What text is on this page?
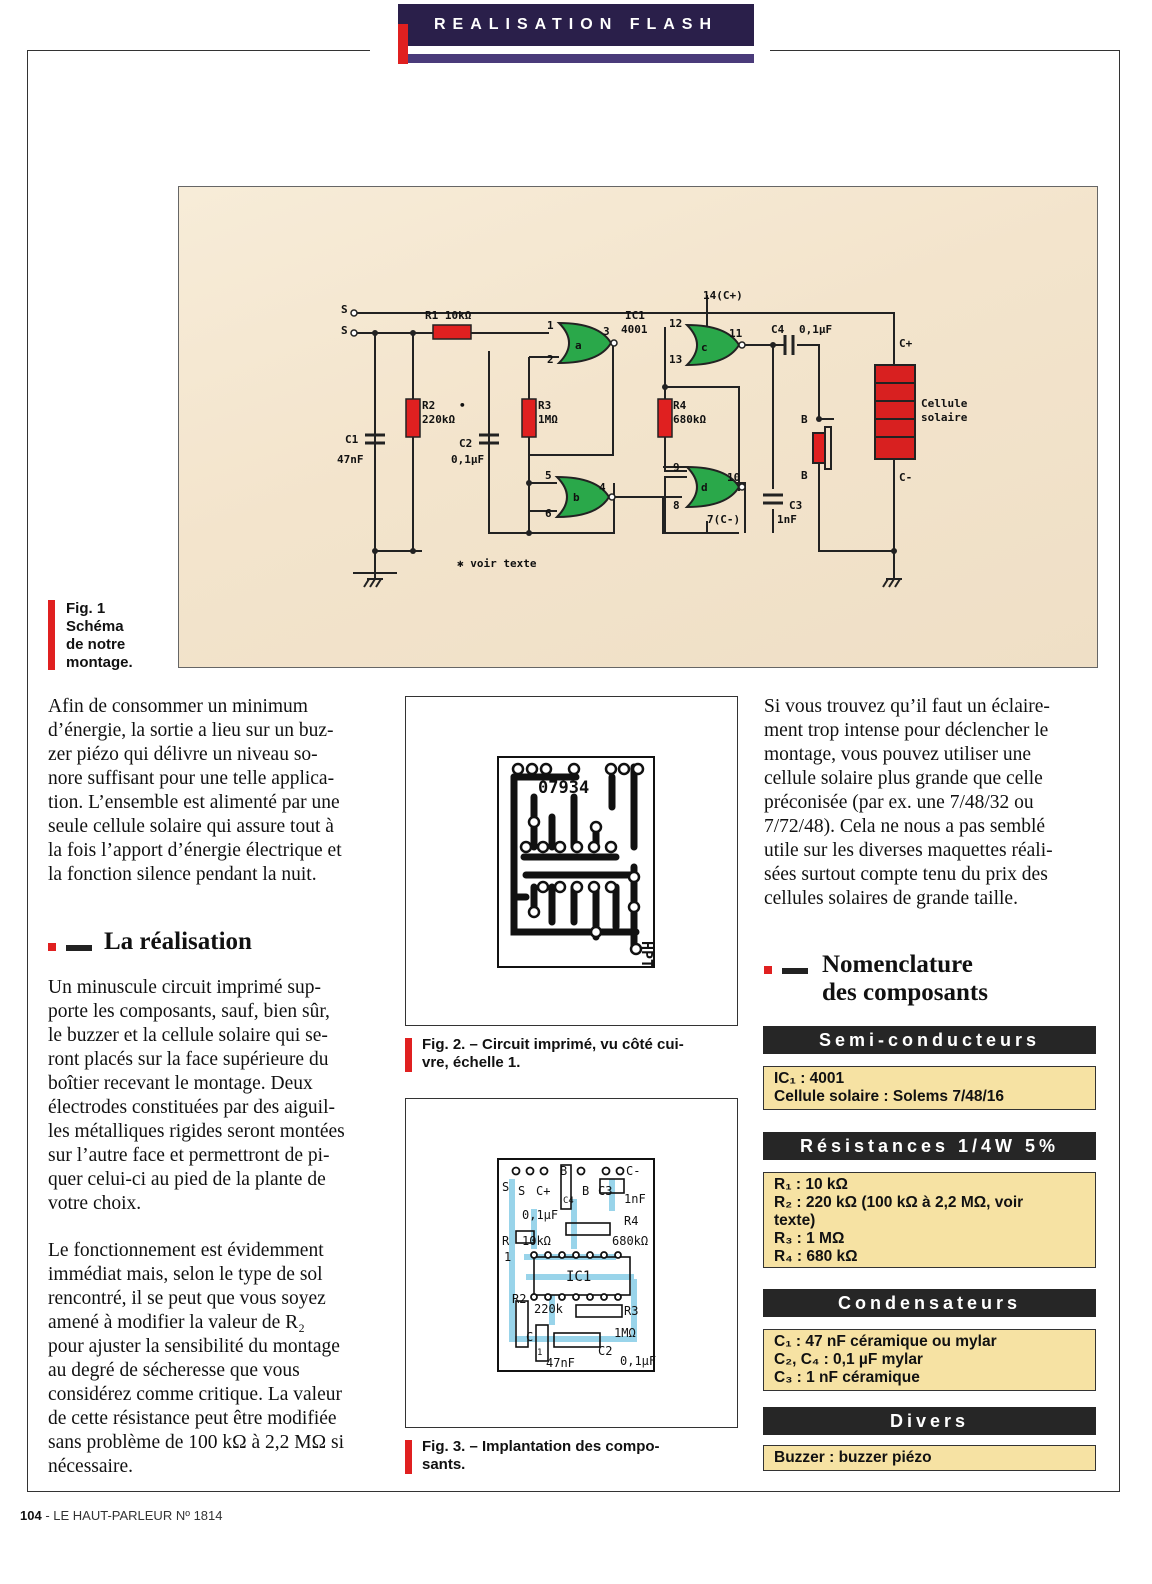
REALISATION FLASH
S
S
R1 10kΩ
R2
220kΩ
•	R3
1MΩ
R4
680kΩ
C1
47nF
C2
0,1µF
C3
1nF
C4 0,1µF
IC1
4001
14(C+)
7(C-)
a
b
c
d
1
2
3
4
5
6
8
9
10
11
12
13
B
B
C+
C-
Cellule
solaire
✱ voir texte
Fig. 1
Schéma
de notre
montage.
Afin de consommer un minimum
d’énergie, la sortie a lieu sur un buz-
zer piézo qui délivre un niveau so-
nore suffisant pour une telle applica-
tion. L’ensemble est alimenté par une
seule cellule solaire qui assure tout à
la fois l’apport d’énergie électrique et
la fonction silence pendant la nuit.
La réalisation
Un minuscule circuit imprimé sup-
porte les composants, sauf, bien sûr,
le buzzer et la cellule solaire qui se-
ront placés sur la face supérieure du
boîtier recevant le montage. Deux
électrodes constituées par des aiguil-
les métalliques rigides seront montées
sur l’autre face et permettront de pi-
quer celui-ci au pied de la plante de
votre choix.
Le fonctionnement est évidemment
immédiat mais, selon le type de sol
rencontré, il se peut que vous soyez
amené à modifier la valeur de R₂
pour ajuster la sensibilité du montage
au degré de sécheresse que vous
considérez comme critique. La valeur
de cette résistance peut être modifiée
sans problème de 100 kΩ à 2,2 MΩ si
nécessaire.
07934
HPT
Fig. 2. – Circuit imprimé, vu côté cui-
vre, échelle 1.
S S C+
B
B C3
C-
1nF
C4
0,1µF	R4
680kΩ
R
1
10kΩ
IC1
R2
220k	R3
1MΩ
C
1
47nF
C2
0,1µF
Fig. 3. – Implantation des compo-
sants.
Si vous trouvez qu’il faut un éclaire-
ment trop intense pour déclencher le
montage, vous pouvez utiliser une
cellule solaire plus grande que celle
préconisée (par ex. une 7/48/32 ou
7/72/48). Cela ne nous a pas semblé
utile sur les diverses maquettes réali-
sées surtout compte tenu du prix des
cellules solaires de grande taille.
Nomenclature
des composants
Semi-conducteurs
IC₁ : 4001
Cellule solaire : Solems 7/48/16
Résistances 1/4W 5%
R₁ : 10 kΩ
R₂ : 220 kΩ (100 kΩ à 2,2 MΩ, voir
texte)
R₃ : 1 MΩ
R₄ : 680 kΩ
Condensateurs
C₁ : 47 nF céramique ou mylar
C₂, C₄ : 0,1 µF mylar
C₃ : 1 nF céramique
Divers
Buzzer : buzzer piézo
104 - LE HAUT-PARLEUR Nº 1814
